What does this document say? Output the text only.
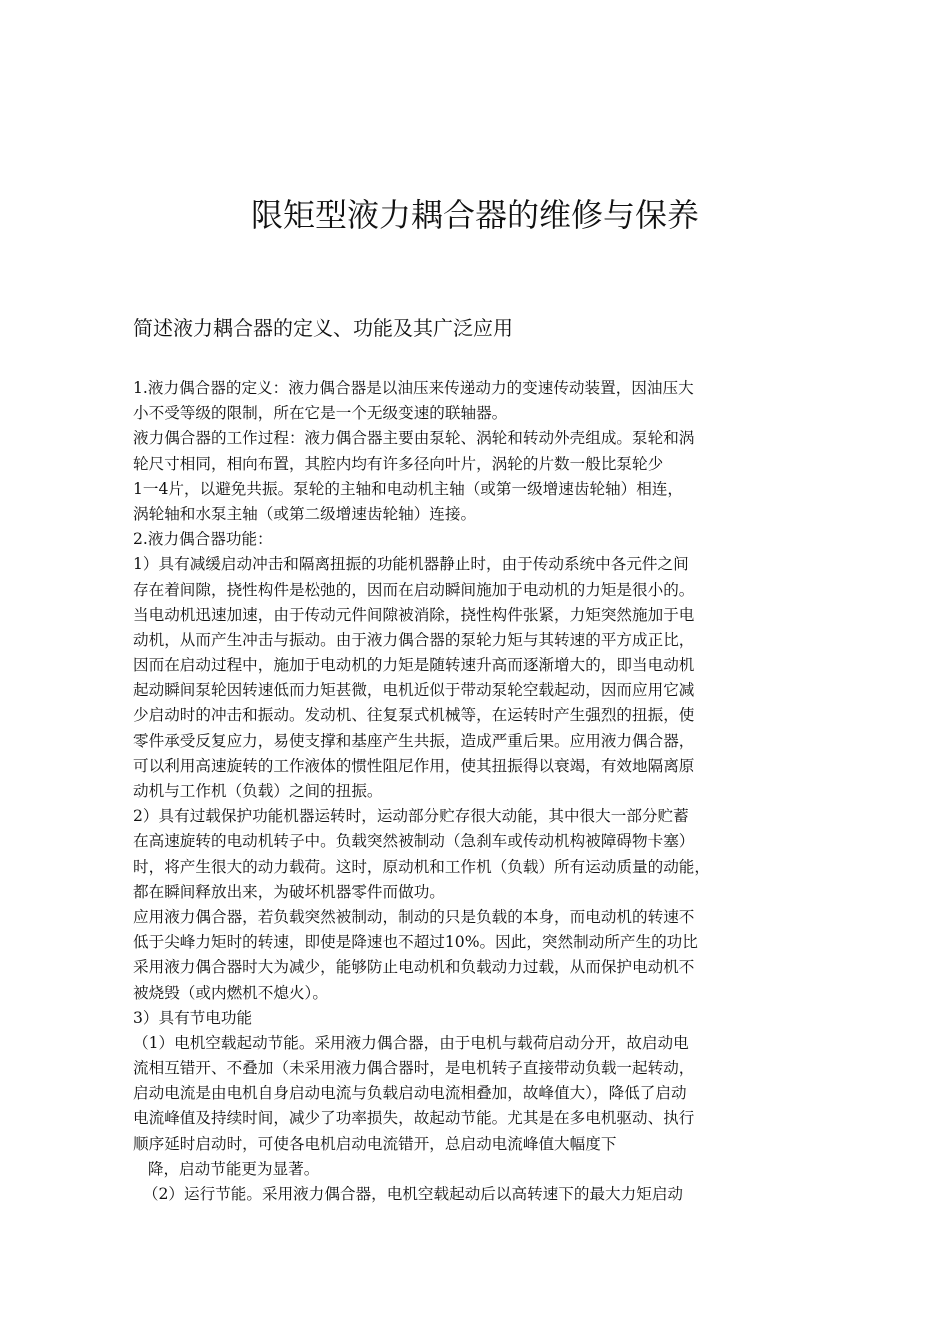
限矩型液力耦合器的维修与保养
简述液力耦合器的定义、功能及其广泛应用
1.液力偶合器的定义：液力偶合器是以油压来传递动力的变速传动装置，因油压大
小不受等级的限制，所在它是一个无级变速的联轴器。
液力偶合器的工作过程：液力偶合器主要由泵轮、涡轮和转动外壳组成。泵轮和涡
轮尺寸相同，相向布置，其腔内均有许多径向叶片，涡轮的片数一般比泵轮少
1一4片，以避免共振。泵轮的主轴和电动机主轴（或第一级增速齿轮轴）相连，
涡轮轴和水泵主轴（或第二级增速齿轮轴）连接。
2.液力偶合器功能：
1）具有减缓启动冲击和隔离扭振的功能机器静止时，由于传动系统中各元件之间
存在着间隙，挠性构件是松弛的，因而在启动瞬间施加于电动机的力矩是很小的。
当电动机迅速加速，由于传动元件间隙被消除，挠性构件张紧，力矩突然施加于电
动机，从而产生冲击与振动。由于液力偶合器的泵轮力矩与其转速的平方成正比，
因而在启动过程中，施加于电动机的力矩是随转速升高而逐渐增大的，即当电动机
起动瞬间泵轮因转速低而力矩甚微，电机近似于带动泵轮空载起动，因而应用它减
少启动时的冲击和振动。发动机、往复泵式机械等，在运转时产生强烈的扭振，使
零件承受反复应力，易使支撑和基座产生共振，造成严重后果。应用液力偶合器，
可以利用高速旋转的工作液体的惯性阻尼作用，使其扭振得以衰竭，有效地隔离原
动机与工作机（负载）之间的扭振。
2）具有过载保护功能机器运转时，运动部分贮存很大动能，其中很大一部分贮蓄
在高速旋转的电动机转子中。负载突然被制动（急刹车或传动机构被障碍物卡塞）
时，将产生很大的动力载荷。这时，原动机和工作机（负载）所有运动质量的动能，
都在瞬间释放出来，为破坏机器零件而做功。
应用液力偶合器，若负载突然被制动，制动的只是负载的本身，而电动机的转速不
低于尖峰力矩时的转速，即使是降速也不超过10%。因此，突然制动所产生的功比
采用液力偶合器时大为减少，能够防止电动机和负载动力过载，从而保护电动机不
被烧毁（或内燃机不熄火）。
3）具有节电功能
（1）电机空载起动节能。采用液力偶合器，由于电机与载荷启动分开，故启动电
流相互错开、不叠加（未采用液力偶合器时，是电机转子直接带动负载一起转动，
启动电流是由电机自身启动电流与负载启动电流相叠加，故峰值大），降低了启动
电流峰值及持续时间，减少了功率损失，故起动节能。尤其是在多电机驱动、执行
顺序延时启动时，可使各电机启动电流错开，总启动电流峰值大幅度下
降，启动节能更为显著。
（2）运行节能。采用液力偶合器，电机空载起动后以高转速下的最大力矩启动
